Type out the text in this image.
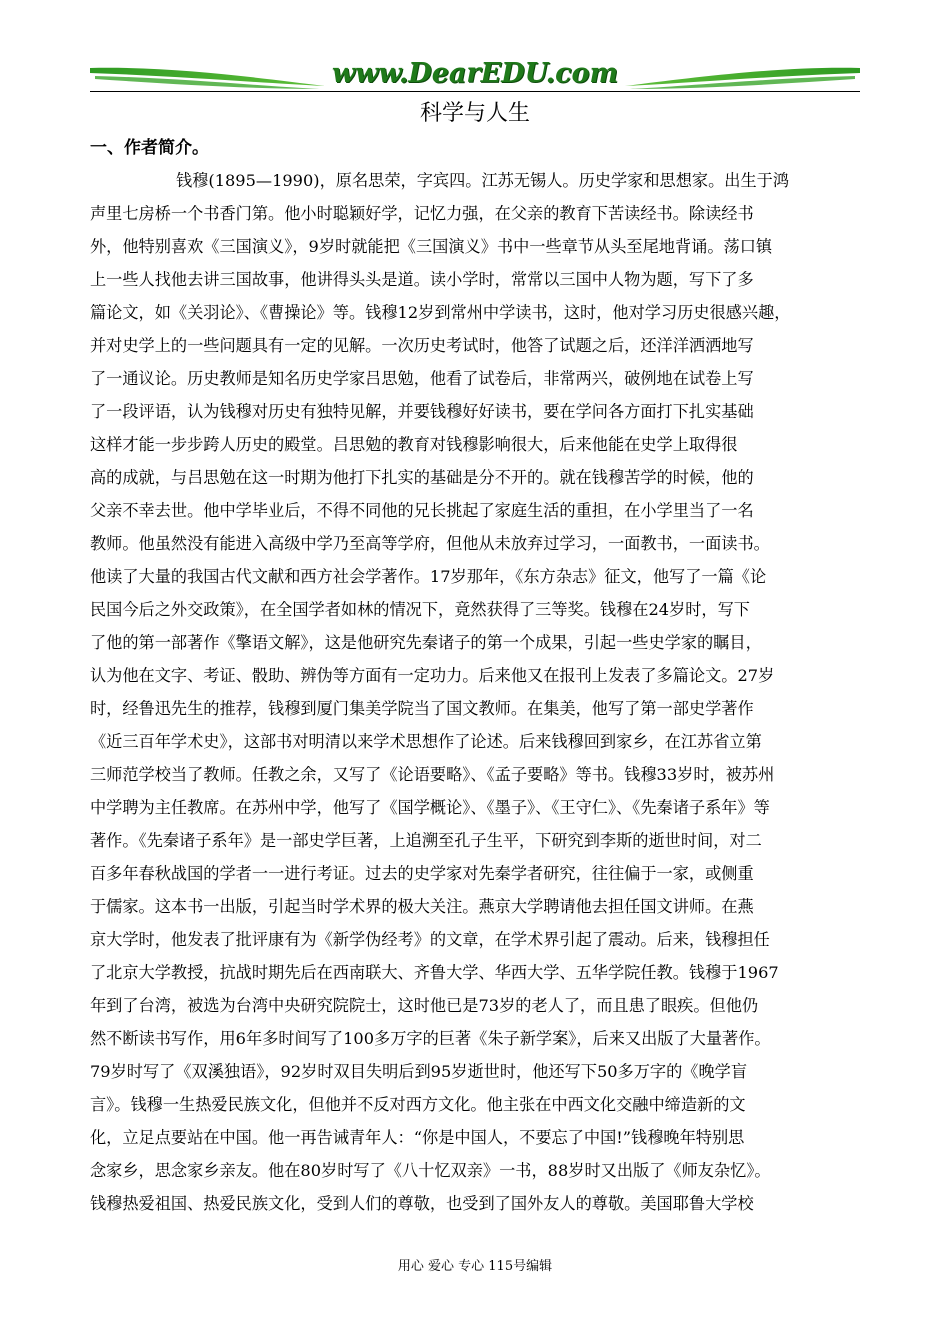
www.DearEDU.com
科学与人生
一、作者简介。
钱穆(1895—1990)，原名思荣，字宾四。江苏无锡人。历史学家和思想家。出生于鸿
声里七房桥一个书香门第。他小时聪颖好学，记忆力强，在父亲的教育下苦读经书。除读经书
外，他特别喜欢《三国演义》，9岁时就能把《三国演义》书中一些章节从头至尾地背诵。荡口镇
上一些人找他去讲三国故事，他讲得头头是道。读小学时，常常以三国中人物为题，写下了多
篇论文，如《关羽论》、《曹操论》等。钱穆12岁到常州中学读书，这时，他对学习历史很感兴趣，
并对史学上的一些问题具有一定的见解。一次历史考试时，他答了试题之后，还洋洋洒洒地写
了一通议论。历史教师是知名历史学家吕思勉，他看了试卷后，非常两兴，破例地在试卷上写
了一段评语，认为钱穆对历史有独特见解，并要钱穆好好读书，要在学问各方面打下扎实基础
这样才能一步步跨人历史的殿堂。吕思勉的教育对钱穆影响很大，后来他能在史学上取得很
高的成就，与吕思勉在这一时期为他打下扎实的基础是分不开的。就在钱穆苦学的时候，他的
父亲不幸去世。他中学毕业后，不得不同他的兄长挑起了家庭生活的重担，在小学里当了一名
教师。他虽然没有能进入高级中学乃至高等学府，但他从未放弃过学习，一面教书，一面读书。
他读了大量的我国古代文献和西方社会学著作。17岁那年，《东方杂志》征文，他写了一篇《论
民国今后之外交政策》，在全国学者如林的情况下，竟然获得了三等奖。钱穆在24岁时，写下
了他的第一部著作《擎语文解》，这是他研究先秦诸子的第一个成果，引起一些史学家的瞩目，
认为他在文字、考证、骰助、辨伪等方面有一定功力。后来他又在报刊上发表了多篇论文。27岁
时，经鲁迅先生的推荐，钱穆到厦门集美学院当了国文教师。在集美，他写了第一部史学著作
《近三百年学术史》，这部书对明清以来学术思想作了论述。后来钱穆回到家乡，在江苏省立第
三师范学校当了教师。任教之余，又写了《论语要略》、《孟子要略》等书。钱穆33岁时，被苏州
中学聘为主任教席。在苏州中学，他写了《国学概论》、《墨子》、《王守仁》、《先秦诸子系年》等
著作。《先秦诸子系年》是一部史学巨著，上追溯至孔子生平，下研究到李斯的逝世时间，对二
百多年春秋战国的学者一一进行考证。过去的史学家对先秦学者研究，往往偏于一家，或侧重
于儒家。这本书一出版，引起当时学术界的极大关注。燕京大学聘请他去担任国文讲师。在燕
京大学时，他发表了批评康有为《新学伪经考》的文章，在学术界引起了震动。后来，钱穆担任
了北京大学教授，抗战时期先后在西南联大、齐鲁大学、华西大学、五华学院任教。钱穆于1967
年到了台湾，被选为台湾中央研究院院士，这时他已是73岁的老人了，而且患了眼疾。但他仍
然不断读书写作，用6年多时间写了100多万字的巨著《朱子新学案》，后来又出版了大量著作。
79岁时写了《双溪独语》，92岁时双目失明后到95岁逝世时，他还写下50多万字的《晚学盲
言》。钱穆一生热爱民族文化，但他并不反对西方文化。他主张在中西文化交融中缔造新的文
化，立足点要站在中国。他一再告诫青年人：“你是中国人，不要忘了中国!”钱穆晚年特别思
念家乡，思念家乡亲友。他在80岁时写了《八十忆双亲》一书，88岁时又出版了《师友杂忆》。
钱穆热爱祖国、热爱民族文化，受到人们的尊敬，也受到了国外友人的尊敬。美国耶鲁大学校
用心 爱心 专心 115号编辑
